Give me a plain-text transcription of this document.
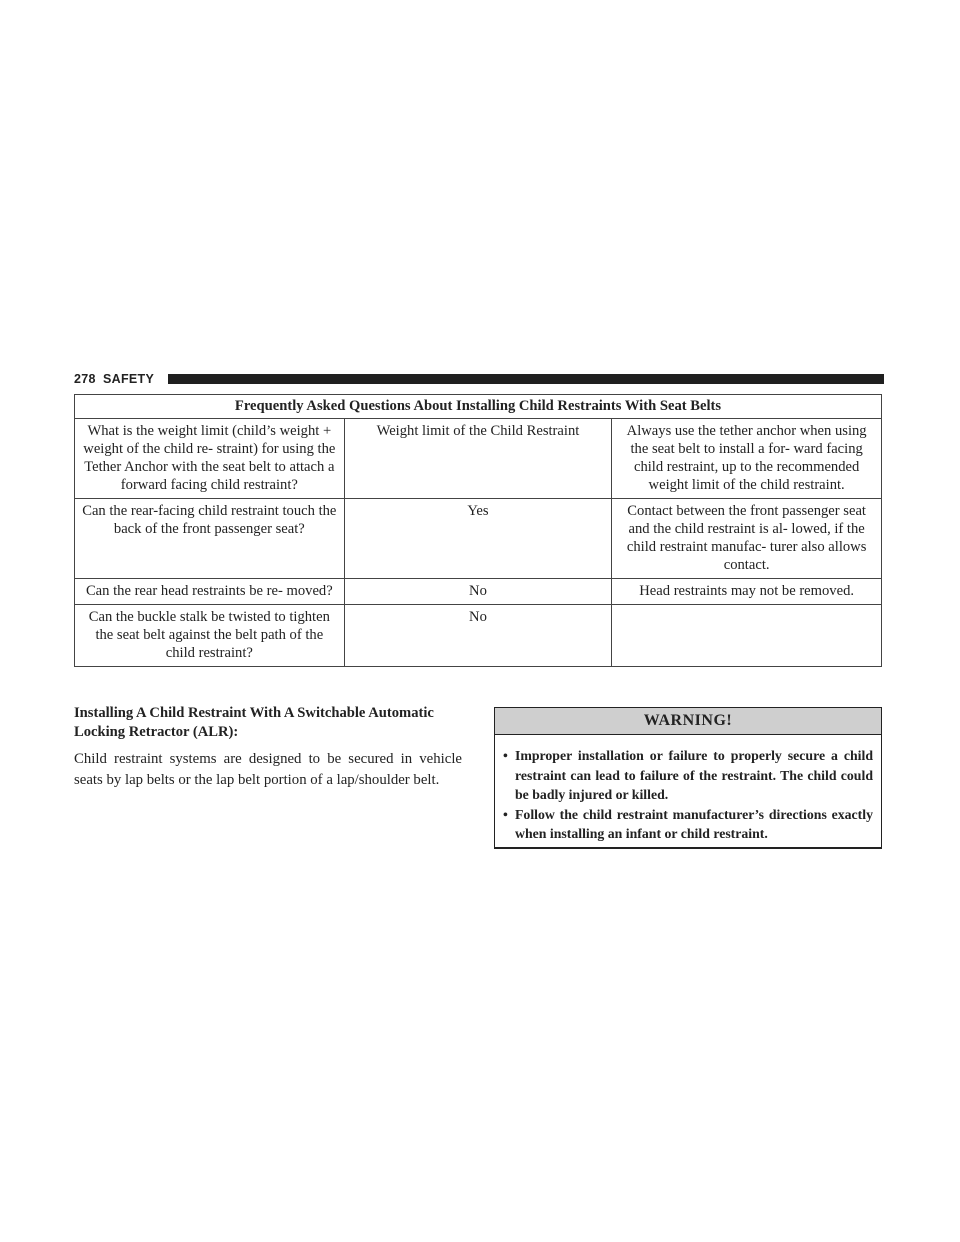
278 SAFETY
Frequently Asked Questions About Installing Child Restraints With Seat Belts		
What is the weight limit (child’s weight + weight of the child re- straint) for using the Tether Anchor with the seat belt to attach a forward facing child restraint?	Weight limit of the Child Restraint	Always use the tether anchor when using the seat belt to install a for- ward facing child restraint, up to the recommended weight limit of the child restraint.
Can the rear-facing child restraint touch the back of the front passenger seat?	Yes	Contact between the front passenger seat and the child restraint is al- lowed, if the child restraint manufac- turer also allows contact.
Can the rear head restraints be re- moved?	No	Head restraints may not be removed.
Can the buckle stalk be twisted to tighten the seat belt against the belt path of the child restraint?	No	
Installing A Child Restraint With A Switchable Automatic Locking Retractor (ALR):

Child restraint systems are designed to be secured in vehicle seats by lap belts or the lap belt portion of a lap/shoulder belt.

WARNING!
• Improper installation or failure to properly secure a child restraint can lead to failure of the restraint. The child could be badly injured or killed.
• Follow the child restraint manufacturer’s directions exactly when installing an infant or child restraint.
